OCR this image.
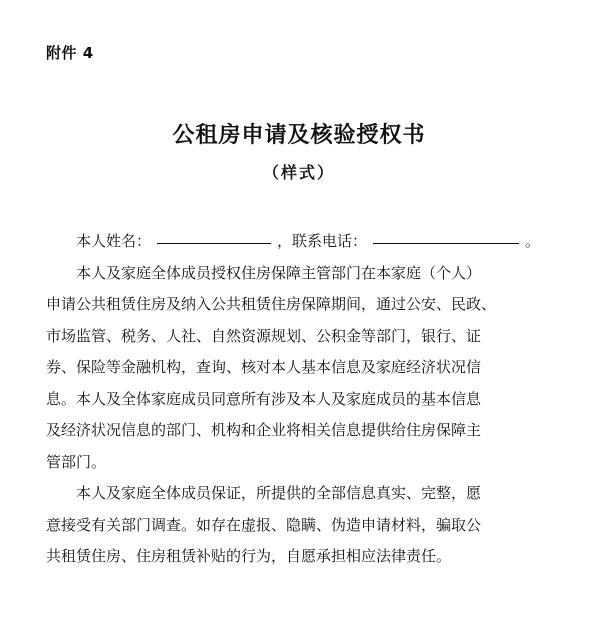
附件 4
公租房申请及核验授权书
（样式）
本人姓名：	，联系电话：	。
本人及家庭全体成员授权住房保障主管部门在本家庭（个人）
申请公共租赁住房及纳入公共租赁住房保障期间，通过公安、民政、
市场监管、税务、人社、自然资源规划、公积金等部门，银行、证
券、保险等金融机构，查询、核对本人基本信息及家庭经济状况信
息。本人及全体家庭成员同意所有涉及本人及家庭成员的基本信息
及经济状况信息的部门、机构和企业将相关信息提供给住房保障主
管部门。
本人及家庭全体成员保证，所提供的全部信息真实、完整，愿
意接受有关部门调查。如存在虚报、隐瞒、伪造申请材料，骗取公
共租赁住房、住房租赁补贴的行为，自愿承担相应法律责任。
